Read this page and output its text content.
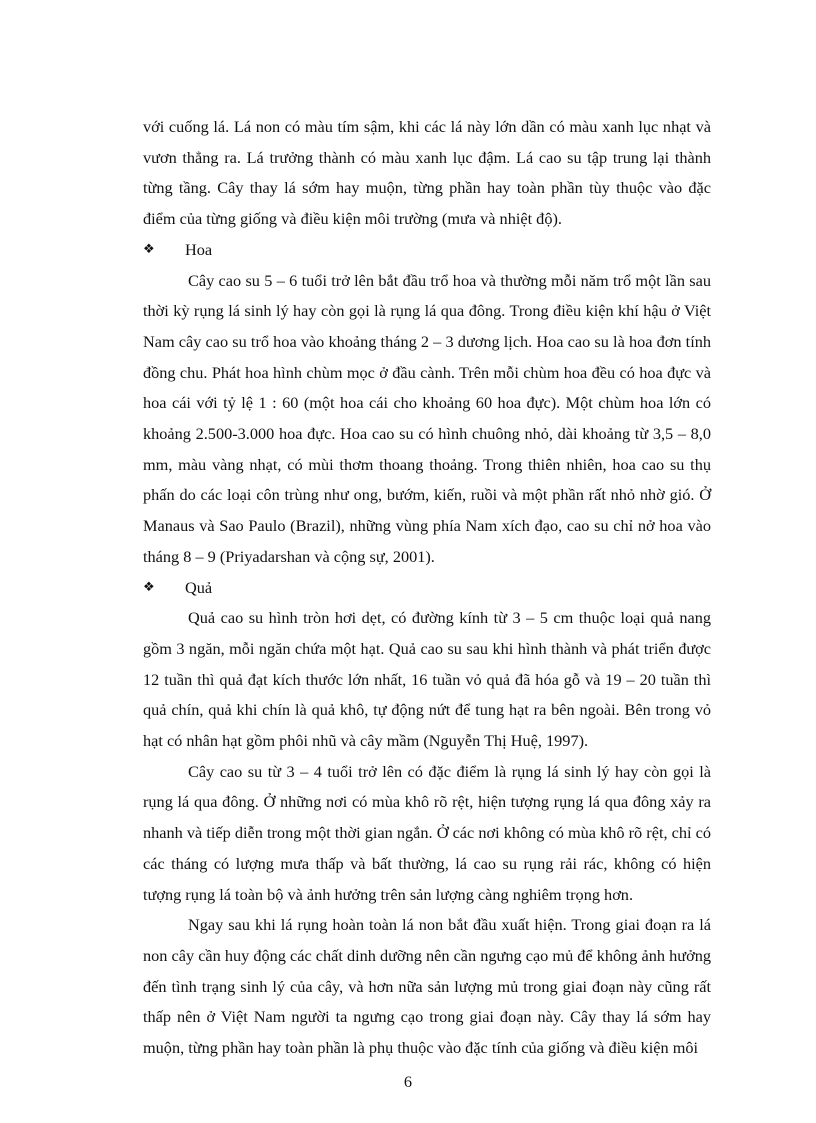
với cuống lá. Lá non có màu tím sậm, khi các lá này lớn dần có màu xanh lục nhạt và vươn thẳng ra. Lá trưởng thành có màu xanh lục đậm. Lá cao su tập trung lại thành từng tầng. Cây thay lá sớm hay muộn, từng phần hay toàn phần tùy thuộc vào đặc điểm của từng giống và điều kiện môi trường (mưa và nhiệt độ).

❖	Hoa

Cây cao su 5 – 6 tuổi trở lên bắt đầu trổ hoa và thường mỗi năm trổ một lần sau thời kỳ rụng lá sinh lý hay còn gọi là rụng lá qua đông. Trong điều kiện khí hậu ở Việt Nam cây cao su trổ hoa vào khoảng tháng 2 – 3 dương lịch. Hoa cao su là hoa đơn tính đồng chu. Phát hoa hình chùm mọc ở đầu cành. Trên mỗi chùm hoa đều có hoa đực và hoa cái với tỷ lệ 1 : 60 (một hoa cái cho khoảng 60 hoa đực). Một chùm hoa lớn có khoảng 2.500-3.000 hoa đực. Hoa cao su có hình chuông nhỏ, dài khoảng từ 3,5 – 8,0 mm, màu vàng nhạt, có mùi thơm thoang thoảng. Trong thiên nhiên, hoa cao su thụ phấn do các loại côn trùng như ong, bướm, kiến, ruồi và một phần rất nhỏ nhờ gió. Ở Manaus và Sao Paulo (Brazil), những vùng phía Nam xích đạo, cao su chỉ nở hoa vào tháng 8 – 9 (Priyadarshan và cộng sự, 2001).

❖	Quả

Quả cao su hình tròn hơi dẹt, có đường kính từ 3 – 5 cm thuộc loại quả nang gồm 3 ngăn, mỗi ngăn chứa một hạt. Quả cao su sau khi hình thành và phát triển được 12 tuần thì quả đạt kích thước lớn nhất, 16 tuần vỏ quả đã hóa gỗ và 19 – 20 tuần thì quả chín, quả khi chín là quả khô, tự động nứt để tung hạt ra bên ngoài. Bên trong vỏ hạt có nhân hạt gồm phôi nhũ và cây mầm (Nguyễn Thị Huệ, 1997).

Cây cao su từ 3 – 4 tuổi trở lên có đặc điểm là rụng lá sinh lý hay còn gọi là rụng lá qua đông. Ở những nơi có mùa khô rõ rệt, hiện tượng rụng lá qua đông xảy ra nhanh và tiếp diễn trong một thời gian ngắn. Ở các nơi không có mùa khô rõ rệt, chỉ có các tháng có lượng mưa thấp và bất thường, lá cao su rụng rải rác, không có hiện tượng rụng lá toàn bộ và ảnh hưởng trên sản lượng càng nghiêm trọng hơn.

Ngay sau khi lá rụng hoàn toàn lá non bắt đầu xuất hiện. Trong giai đoạn ra lá non cây cần huy động các chất dinh dưỡng nên cần ngưng cạo mủ để không ảnh hưởng đến tình trạng sinh lý của cây, và hơn nữa sản lượng mủ trong giai đoạn này cũng rất thấp nên ở Việt Nam người ta ngưng cạo trong giai đoạn này. Cây thay lá sớm hay muộn, từng phần hay toàn phần là phụ thuộc vào đặc tính của giống và điều kiện môi

6
